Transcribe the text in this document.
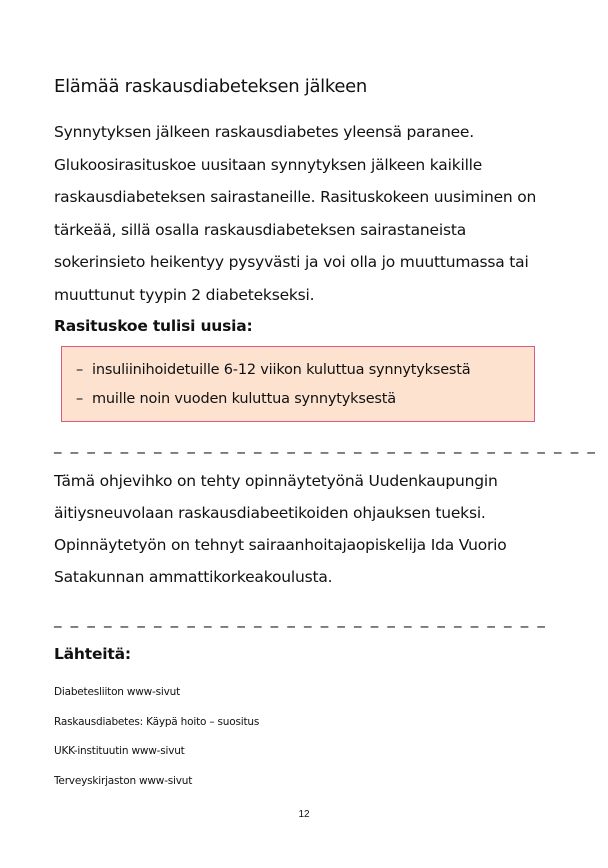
Elämää raskausdiabeteksen jälkeen

Synnytyksen jälkeen raskausdiabetes yleensä paranee.
Glukoosirasituskoe uusitaan synnytyksen jälkeen kaikille
raskausdiabeteksen sairastaneille. Rasituskokeen uusiminen on
tärkeää, sillä osalla raskausdiabeteksen sairastaneista
sokerinsieto heikentyy pysyvästi ja voi olla jo muuttumassa tai
muuttunut tyypin 2 diabetekseksi.

Rasituskoe tulisi uusia:
– insuliinihoidetuille 6-12 viikon kuluttua synnytyksestä
– muille noin vuoden kuluttua synnytyksestä
_ _ _ _ _ _ _ _ _ _ _ _ _ _ _ _ _ _ _ _ _ _ _ _ _ _ _ _ _ _ _ _ _

Tämä ohjevihko on tehty opinnäytetyönä Uudenkaupungin
äitiysneuvolaan raskausdiabeetikoiden ohjauksen tueksi.
Opinnäytetyön on tehnyt sairaanhoitajaopiskelija Ida Vuorio
Satakunnan ammattikorkeakoulusta.

_ _ _ _ _ _ _ _ _ _ _ _ _ _ _ _ _ _ _ _ _ _ _ _ _ _ _ _ _ _
Lähteitä:
Diabetesliiton www-sivut
Raskausdiabetes: Käypä hoito – suositus
UKK-instituutin www-sivut
Terveyskirjaston www-sivut
12
